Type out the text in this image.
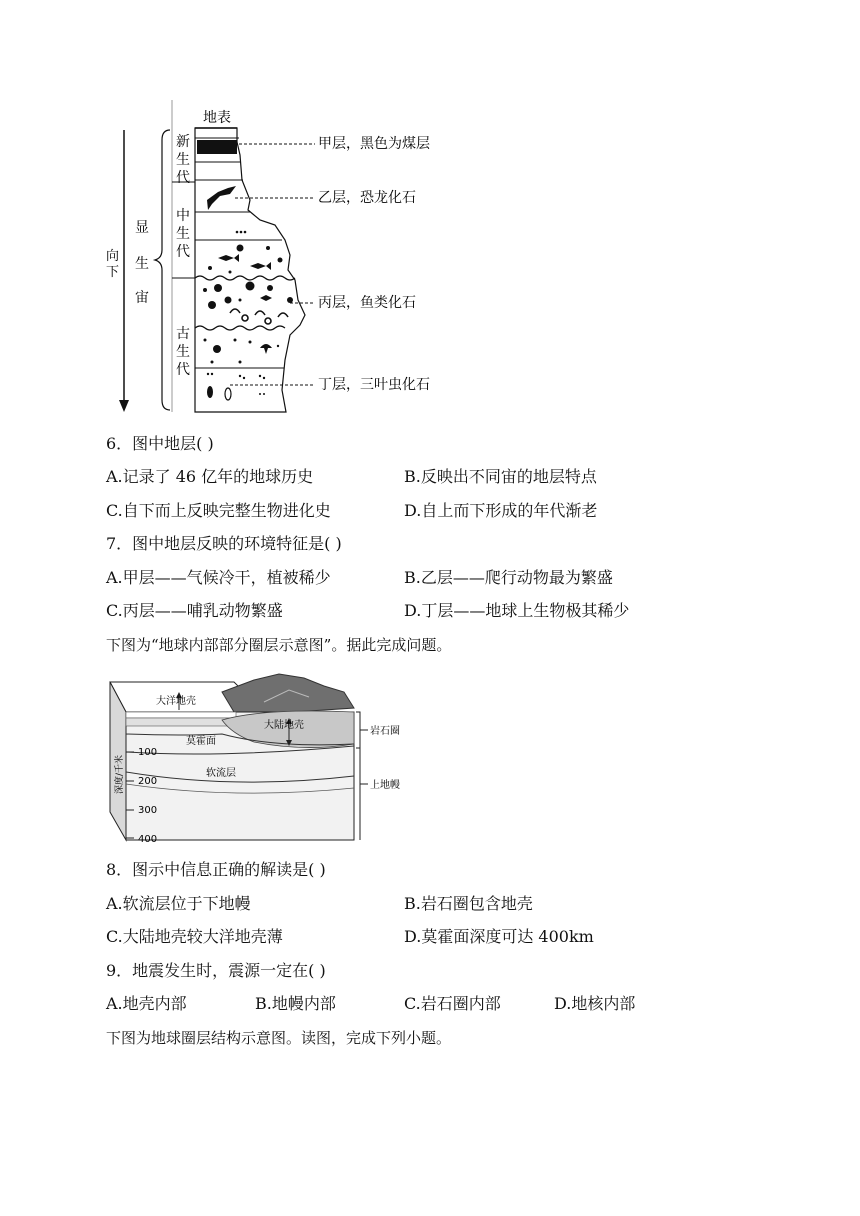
地表
新
生
代
中
生
代
古
生
代
显
生
宙
向
下
甲层，黑色为煤层
乙层，恐龙化石
丙层，鱼类化石
丁层，三叶虫化石
6．图中地层( )
A.记录了 46 亿年的地球历史	B.反映出不同宙的地层特点
C.自下而上反映完整生物进化史	D.自上而下形成的年代渐老
7．图中地层反映的环境特征是( )
A.甲层——气候冷干，植被稀少	B.乙层——爬行动物最为繁盛
C.丙层——哺乳动物繁盛	D.丁层——地球上生物极其稀少
下图为“地球内部部分圈层示意图”。据此完成问题。
大洋地壳
大陆地壳
莫霍面
软流层
岩石圈
上地幔
100
200
300
400
深度/千米
8．图示中信息正确的解读是( )
A.软流层位于下地幔	B.岩石圈包含地壳
C.大陆地壳较大洋地壳薄	D.莫霍面深度可达 400km
9．地震发生时，震源一定在( )
A.地壳内部	B.地幔内部	C.岩石圈内部	D.地核内部
下图为地球圈层结构示意图。读图，完成下列小题。
